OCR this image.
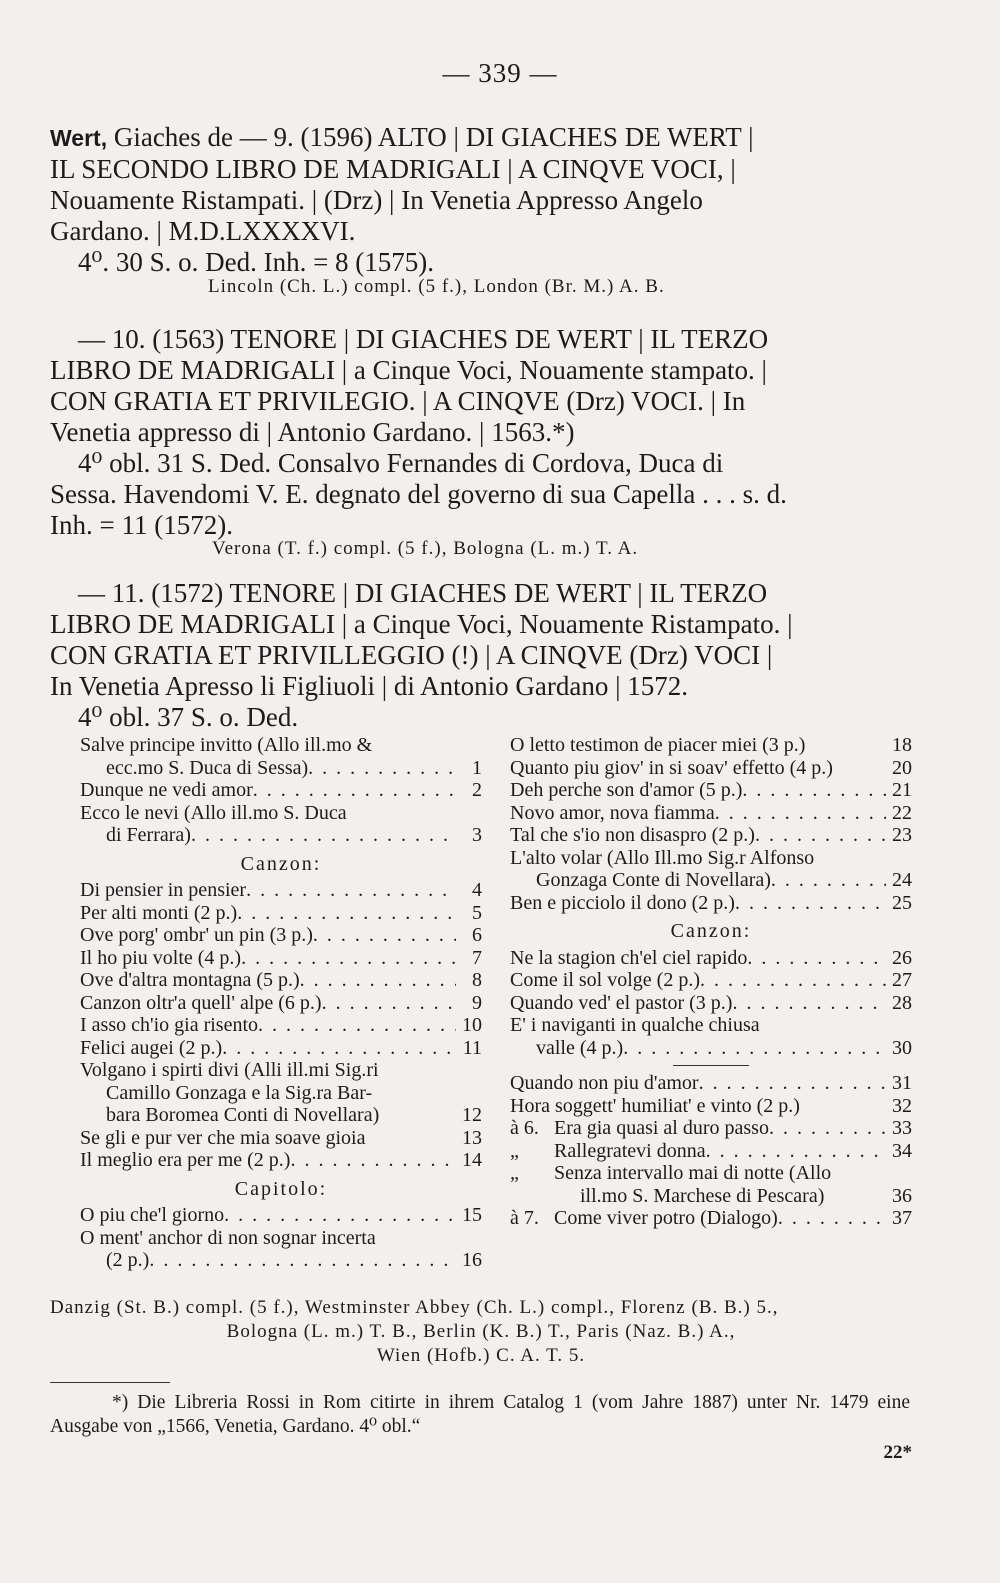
— 339 —

Wert, Giaches de — 9. (1596) ALTO | DI GIACHES DE WERT |

IL SECONDO LIBRO DE MADRIGALI | A CINQVE VOCI, |

Nouamente Ristampati. | (Drz) | In Venetia Appresso Angelo

Gardano. | M.D.LXXXXVI.

4⁰. 30 S. o. Ded. Inh. = 8 (1575).

Lincoln (Ch. L.) compl. (5 f.), London (Br. M.) A. B.

— 10. (1563) TENORE | DI GIACHES DE WERT | IL TERZO

LIBRO DE MADRIGALI | a Cinque Voci, Nouamente stampato. |

CON GRATIA ET PRIVILEGIO. | A CINQVE (Drz) VOCI. | In

Venetia appresso di | Antonio Gardano. | 1563.*)

4⁰ obl. 31 S. Ded. Consalvo Fernandes di Cordova, Duca di

Sessa. Havendomi V. E. degnato del governo di sua Capella . . . s. d.

Inh. = 11 (1572).

Verona (T. f.) compl. (5 f.), Bologna (L. m.) T. A.

— 11. (1572) TENORE | DI GIACHES DE WERT | IL TERZO

LIBRO DE MADRIGALI | a Cinque Voci, Nouamente Ristampato. |

CON GRATIA ET PRIVILLEGGIO (!) | A CINQVE (Drz) VOCI |

In Venetia Apresso li Figliuoli | di Antonio Gardano | 1572.

4⁰ obl. 37 S. o. Ded.

Salve principe invitto (Allo ill.mo &
ecc.mo S. Duca di Sessa) . . .	1
Dunque ne vedi amor . . .	2
Ecco le nevi (Allo ill.mo S. Duca
di Ferrara) . . .	3
Canzon:
Di pensier in pensier . . .	4
Per alti monti (2 p.) . . .	5
Ove porg' ombr' un pin (3 p.) . . .	6
Il ho piu volte (4 p.) . . .	7
Ove d'altra montagna (5 p.) . . .	8
Canzon oltr'a quell' alpe (6 p.) . . .	9
I asso ch'io gia risento . . .	10
Felici augei (2 p.) . . .	11
Volgano i spirti divi (Alli ill.mi Sig.ri
Camillo Gonzaga e la Sig.ra Bar-
bara Boromea Conti di Novellara)	12
Se gli e pur ver che mia soave gioia	13
Il meglio era per me (2 p.) . . .	14
Capitolo:
O piu che'l giorno . . .	15
O ment' anchor di non sognar incerta
(2 p.) . . .	16
O letto testimon de piacer miei (3 p.)	18
Quanto piu giov' in si soav' effetto (4 p.)	20
Deh perche son d'amor (5 p.) . . .	21
Novo amor, nova fiamma . . .	22
Tal che s'io non disaspro (2 p.) . . .	23
L'alto volar (Allo Ill.mo Sig.r Alfonso
Gonzaga Conte di Novellara) . . .	24
Ben e picciolo il dono (2 p.) . . .	25
Canzon:
Ne la stagion ch'el ciel rapido . . .	26
Come il sol volge (2 p.) . . .	27
Quando ved' el pastor (3 p.) . . .	28
E' i naviganti in qualche chiusa
valle (4 p.) . . .	30
Quando non piu d'amor . . .	31
Hora soggett' humiliat' e vinto (2 p.)	32
à 6. Era gia quasi al duro passo . . .	33
„	Rallegratevi donna . . .	34
„	Senza intervallo mai di notte (Allo
ill.mo S. Marchese di Pescara)	36
à 7. Come viver potro (Dialogo) . . .	37
Danzig (St. B.) compl. (5 f.), Westminster Abbey (Ch. L.) compl., Florenz (B. B.) 5.,
Bologna (L. m.) T. B., Berlin (K. B.) T., Paris (Naz. B.) A.,
Wien (Hofb.) C. A. T. 5.
*) Die Libreria Rossi in Rom citirte in ihrem Catalog 1 (vom Jahre 1887) unter Nr. 1479 eine Ausgabe von „1566, Venetia, Gardano. 4⁰ obl.“
22*
